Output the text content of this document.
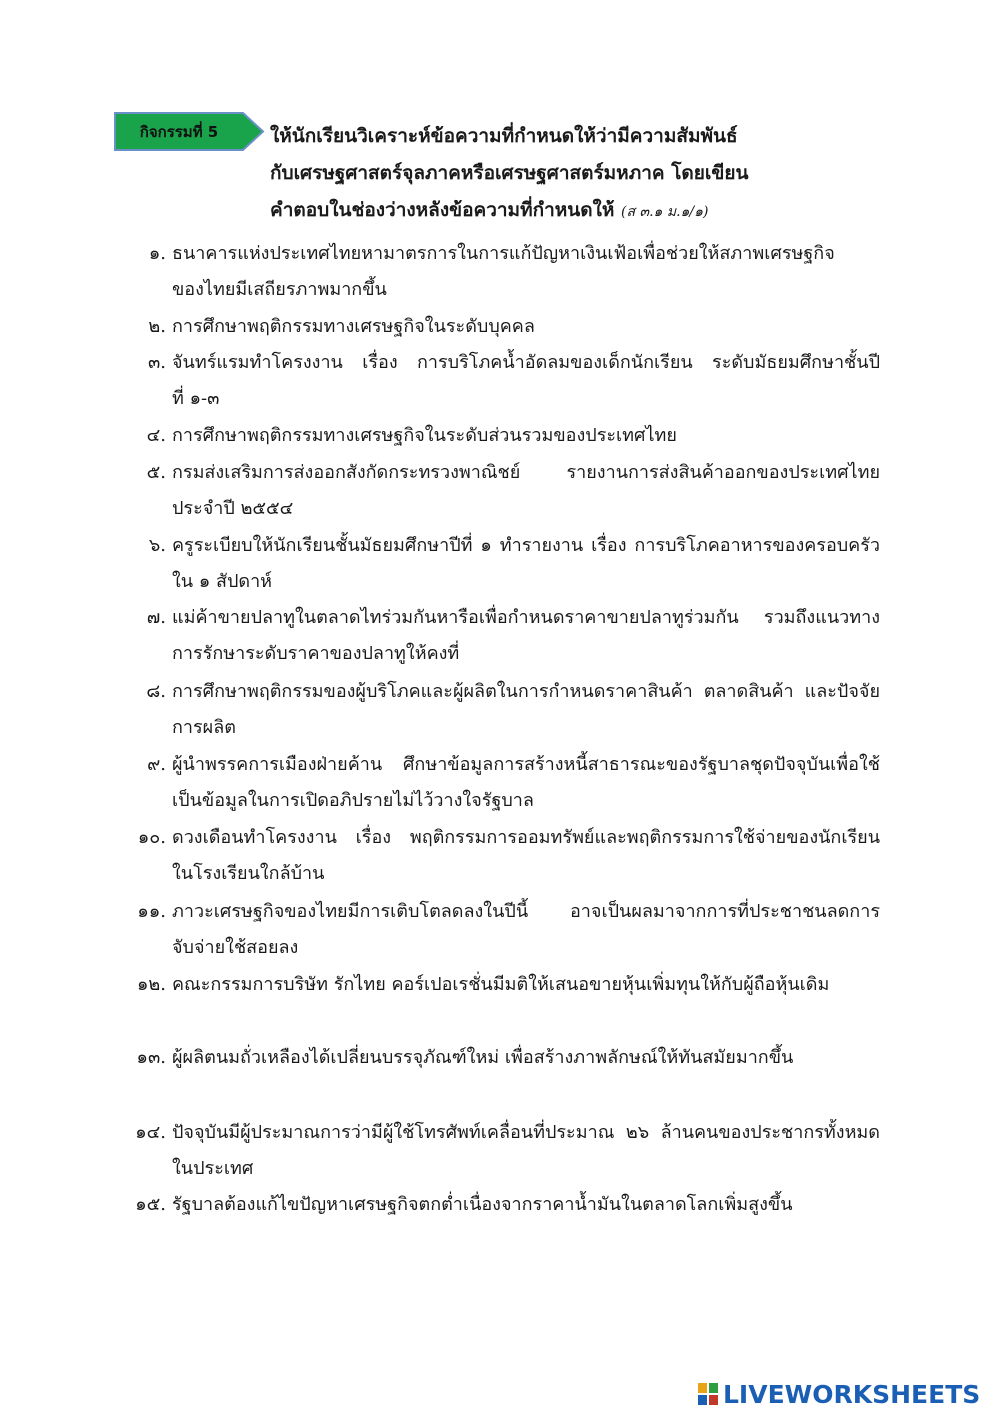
กิจกรรมที่ 5	ให้นักเรียนวิเคราะห์ข้อความที่กำหนดให้ว่ามีความสัมพันธ์
กับเศรษฐศาสตร์จุลภาคหรือเศรษฐศาสตร์มหภาค โดยเขียน
คำตอบในช่องว่างหลังข้อความที่กำหนดให้ (ส ๓.๑ ม.๑/๑)
๑. ธนาคารแห่งประเทศไทยหามาตรการในการแก้ปัญหาเงินเฟ้อเพื่อช่วยให้สภาพเศรษฐกิจ
ของไทยมีเสถียรภาพมากขึ้น
๒. การศึกษาพฤติกรรมทางเศรษฐกิจในระดับบุคคล
๓. จันทร์แรมทำโครงงาน เรื่อง การบริโภคน้ำอัดลมของเด็กนักเรียน ระดับมัธยมศึกษาชั้นปี
ที่ ๑-๓
๔. การศึกษาพฤติกรรมทางเศรษฐกิจในระดับส่วนรวมของประเทศไทย
๕. กรมส่งเสริมการส่งออกสังกัดกระทรวงพาณิชย์ รายงานการส่งสินค้าออกของประเทศไทย
ประจำปี ๒๕๕๔
๖. ครูระเบียบให้นักเรียนชั้นมัธยมศึกษาปีที่ ๑ ทำรายงาน เรื่อง การบริโภคอาหารของครอบครัว
ใน ๑ สัปดาห์
๗. แม่ค้าขายปลาทูในตลาดไทร่วมกันหารือเพื่อกำหนดราคาขายปลาทูร่วมกัน รวมถึงแนวทาง
การรักษาระดับราคาของปลาทูให้คงที่
๘. การศึกษาพฤติกรรมของผู้บริโภคและผู้ผลิตในการกำหนดราคาสินค้า ตลาดสินค้า และปัจจัย
การผลิต
๙. ผู้นำพรรคการเมืองฝ่ายค้าน ศึกษาข้อมูลการสร้างหนี้สาธารณะของรัฐบาลชุดปัจจุบันเพื่อใช้
เป็นข้อมูลในการเปิดอภิปรายไม่ไว้วางใจรัฐบาล
๑๐. ดวงเดือนทำโครงงาน เรื่อง พฤติกรรมการออมทรัพย์และพฤติกรรมการใช้จ่ายของนักเรียน
ในโรงเรียนใกล้บ้าน
๑๑. ภาวะเศรษฐกิจของไทยมีการเติบโตลดลงในปีนี้ อาจเป็นผลมาจากการที่ประชาชนลดการ
จับจ่ายใช้สอยลง
๑๒. คณะกรรมการบริษัท รักไทย คอร์เปอเรชั่นมีมติให้เสนอขายหุ้นเพิ่มทุนให้กับผู้ถือหุ้นเดิม
๑๓. ผู้ผลิตนมถั่วเหลืองได้เปลี่ยนบรรจุภัณฑ์ใหม่ เพื่อสร้างภาพลักษณ์ให้ทันสมัยมากขึ้น
๑๔. ปัจจุบันมีผู้ประมาณการว่ามีผู้ใช้โทรศัพท์เคลื่อนที่ประมาณ ๒๖ ล้านคนของประชากรทั้งหมด
ในประเทศ
๑๕. รัฐบาลต้องแก้ไขปัญหาเศรษฐกิจตกต่ำเนื่องจากราคาน้ำมันในตลาดโลกเพิ่มสูงขึ้น
LIVEWORKSHEETS
